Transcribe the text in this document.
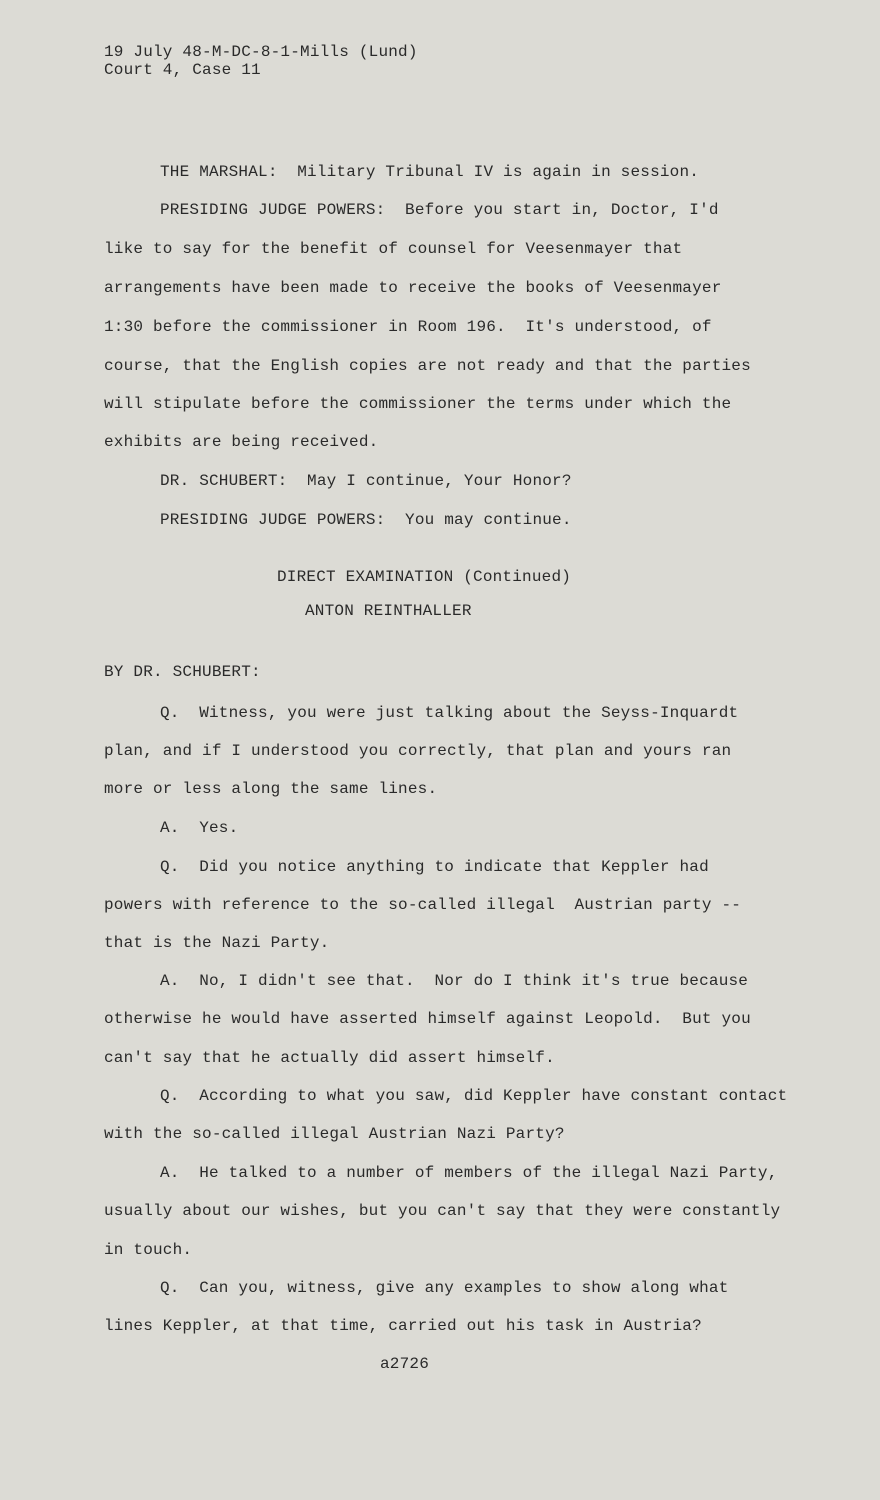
19 July 48-M-DC-8-1-Mills (Lund)
Court 4, Case 11
THE MARSHAL:  Military Tribunal IV is again in session.
PRESIDING JUDGE POWERS:  Before you start in, Doctor, I'd
like to say for the benefit of counsel for Veesenmayer that
arrangements have been made to receive the books of Veesenmayer
1:30 before the commissioner in Room 196.  It's understood, of
course, that the English copies are not ready and that the parties
will stipulate before the commissioner the terms under which the
exhibits are being received.
DR. SCHUBERT:  May I continue, Your Honor?
PRESIDING JUDGE POWERS:  You may continue.
DIRECT EXAMINATION (Continued)
ANTON REINTHALLER
BY DR. SCHUBERT:
Q.  Witness, you were just talking about the Seyss-Inquardt
plan, and if I understood you correctly, that plan and yours ran
more or less along the same lines.
A.  Yes.
Q.  Did you notice anything to indicate that Keppler had
powers with reference to the so-called illegal  Austrian party --
that is the Nazi Party.
A.  No, I didn't see that.  Nor do I think it's true because
otherwise he would have asserted himself against Leopold.  But you
can't say that he actually did assert himself.
Q.  According to what you saw, did Keppler have constant contact
with the so-called illegal Austrian Nazi Party?
A.  He talked to a number of members of the illegal Nazi Party,
usually about our wishes, but you can't say that they were constantly
in touch.
Q.  Can you, witness, give any examples to show along what
lines Keppler, at that time, carried out his task in Austria?
a2726
